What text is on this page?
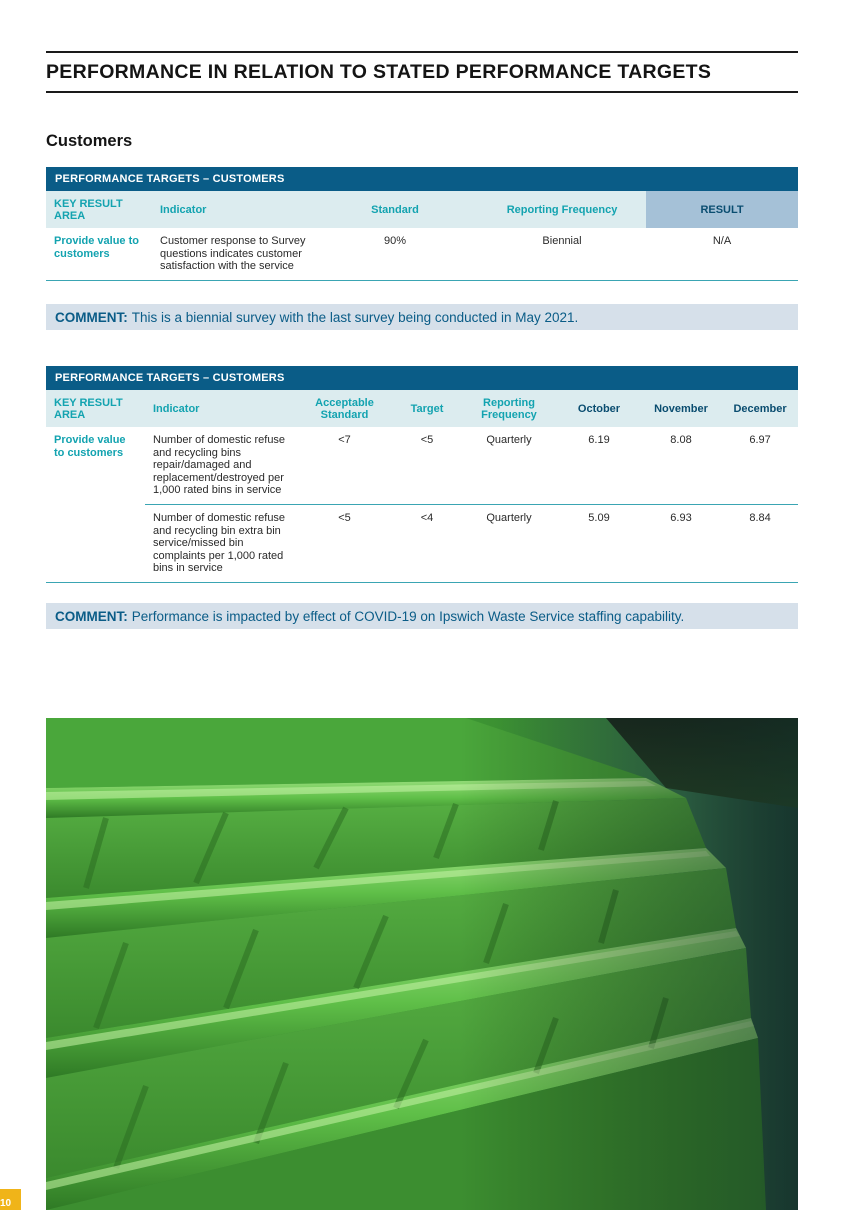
PERFORMANCE IN RELATION TO STATED PERFORMANCE TARGETS
Customers
PERFORMANCE TARGETS – CUSTOMERS				
KEY RESULT AREA	Indicator	Standard	Reporting Frequency	RESULT
Provide value to customers	Customer response to Survey questions indicates customer satisfaction with the service	90%	Biennial	N/A
COMMENT: This is a biennial survey with the last survey being conducted in May 2021.
PERFORMANCE TARGETS – CUSTOMERS							
KEY RESULT AREA	Indicator	Acceptable Standard	Target	Reporting Frequency	October	November	December
Provide value to customers	Number of domestic refuse and recycling bins repair/damaged and replacement/destroyed per 1,000 rated bins in service	<7	<5	Quarterly	6.19	8.08	6.97
	Number of domestic refuse and recycling bin extra bin service/missed bin complaints per 1,000 rated bins in service	<5	<4	Quarterly	5.09	6.93	8.84
COMMENT: Performance is impacted by effect of COVID-19 on Ipswich Waste Service staffing capability.
10
